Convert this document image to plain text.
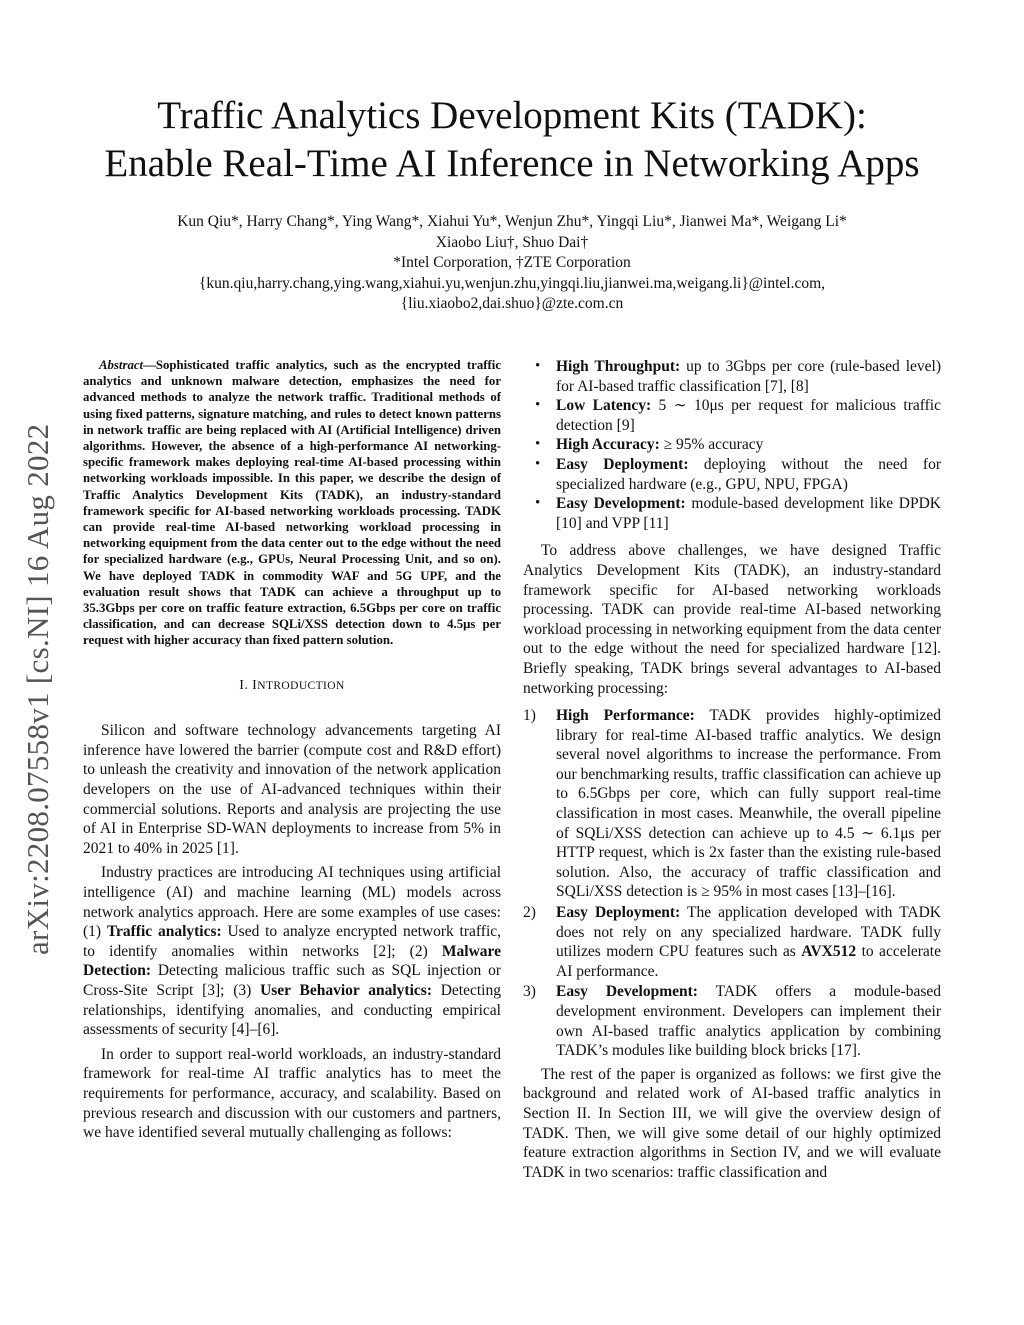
arXiv:2208.07558v1 [cs.NI] 16 Aug 2022
Traffic Analytics Development Kits (TADK):
Enable Real-Time AI Inference in Networking Apps
Kun Qiu*, Harry Chang*, Ying Wang*, Xiahui Yu*, Wenjun Zhu*, Yingqi Liu*, Jianwei Ma*, Weigang Li*
Xiaobo Liu†, Shuo Dai†
*Intel Corporation, †ZTE Corporation
{kun.qiu,harry.chang,ying.wang,xiahui.yu,wenjun.zhu,yingqi.liu,jianwei.ma,weigang.li}@intel.com,
{liu.xiaobo2,dai.shuo}@zte.com.cn

Abstract—Sophisticated traffic analytics, such as the encrypted traffic analytics and unknown malware detection, emphasizes the need for advanced methods to analyze the network traffic. Traditional methods of using fixed patterns, signature matching, and rules to detect known patterns in network traffic are being replaced with AI (Artificial Intelligence) driven algorithms. However, the absence of a high-performance AI networking-specific framework makes deploying real-time AI-based processing within networking workloads impossible. In this paper, we describe the design of Traffic Analytics Development Kits (TADK), an industry-standard framework specific for AI-based networking workloads processing. TADK can provide real-time AI-based networking workload processing in networking equipment from the data center out to the edge without the need for specialized hardware (e.g., GPUs, Neural Processing Unit, and so on). We have deployed TADK in commodity WAF and 5G UPF, and the evaluation result shows that TADK can achieve a throughput up to 35.3Gbps per core on traffic feature extraction, 6.5Gbps per core on traffic classification, and can decrease SQLi/XSS detection down to 4.5μs per request with higher accuracy than fixed pattern solution.

I. INTRODUCTION

Silicon and software technology advancements targeting AI inference have lowered the barrier (compute cost and R&D effort) to unleash the creativity and innovation of the network application developers on the use of AI-advanced techniques within their commercial solutions. Reports and analysis are projecting the use of AI in Enterprise SD-WAN deployments to increase from 5% in 2021 to 40% in 2025 [1].

Industry practices are introducing AI techniques using artificial intelligence (AI) and machine learning (ML) models across network analytics approach. Here are some examples of use cases: (1) Traffic analytics: Used to analyze encrypted network traffic, to identify anomalies within networks [2]; (2) Malware Detection: Detecting malicious traffic such as SQL injection or Cross-Site Script [3]; (3) User Behavior analytics: Detecting relationships, identifying anomalies, and conducting empirical assessments of security [4]–[6].

In order to support real-world workloads, an industry-standard framework for real-time AI traffic analytics has to meet the requirements for performance, accuracy, and scalability. Based on previous research and discussion with our customers and partners, we have identified several mutually challenging as follows:

• High Throughput: up to 3Gbps per core (rule-based level) for AI-based traffic classification [7], [8]
• Low Latency: 5 ∼ 10μs per request for malicious traffic detection [9]
• High Accuracy: ≥ 95% accuracy
• Easy Deployment: deploying without the need for specialized hardware (e.g., GPU, NPU, FPGA)
• Easy Development: module-based development like DPDK [10] and VPP [11]

To address above challenges, we have designed Traffic Analytics Development Kits (TADK), an industry-standard framework specific for AI-based networking workloads processing. TADK can provide real-time AI-based networking workload processing in networking equipment from the data center out to the edge without the need for specialized hardware [12]. Briefly speaking, TADK brings several advantages to AI-based networking processing:

1) High Performance: TADK provides highly-optimized library for real-time AI-based traffic analytics. We design several novel algorithms to increase the performance. From our benchmarking results, traffic classification can achieve up to 6.5Gbps per core, which can fully support real-time classification in most cases. Meanwhile, the overall pipeline of SQLi/XSS detection can achieve up to 4.5 ∼ 6.1μs per HTTP request, which is 2x faster than the existing rule-based solution. Also, the accuracy of traffic classification and SQLi/XSS detection is ≥ 95% in most cases [13]–[16].
2) Easy Deployment: The application developed with TADK does not rely on any specialized hardware. TADK fully utilizes modern CPU features such as AVX512 to accelerate AI performance.
3) Easy Development: TADK offers a module-based development environment. Developers can implement their own AI-based traffic analytics application by combining TADK’s modules like building block bricks [17].

The rest of the paper is organized as follows: we first give the background and related work of AI-based traffic analytics in Section II. In Section III, we will give the overview design of TADK. Then, we will give some detail of our highly optimized feature extraction algorithms in Section IV, and we will evaluate TADK in two scenarios: traffic classification and
